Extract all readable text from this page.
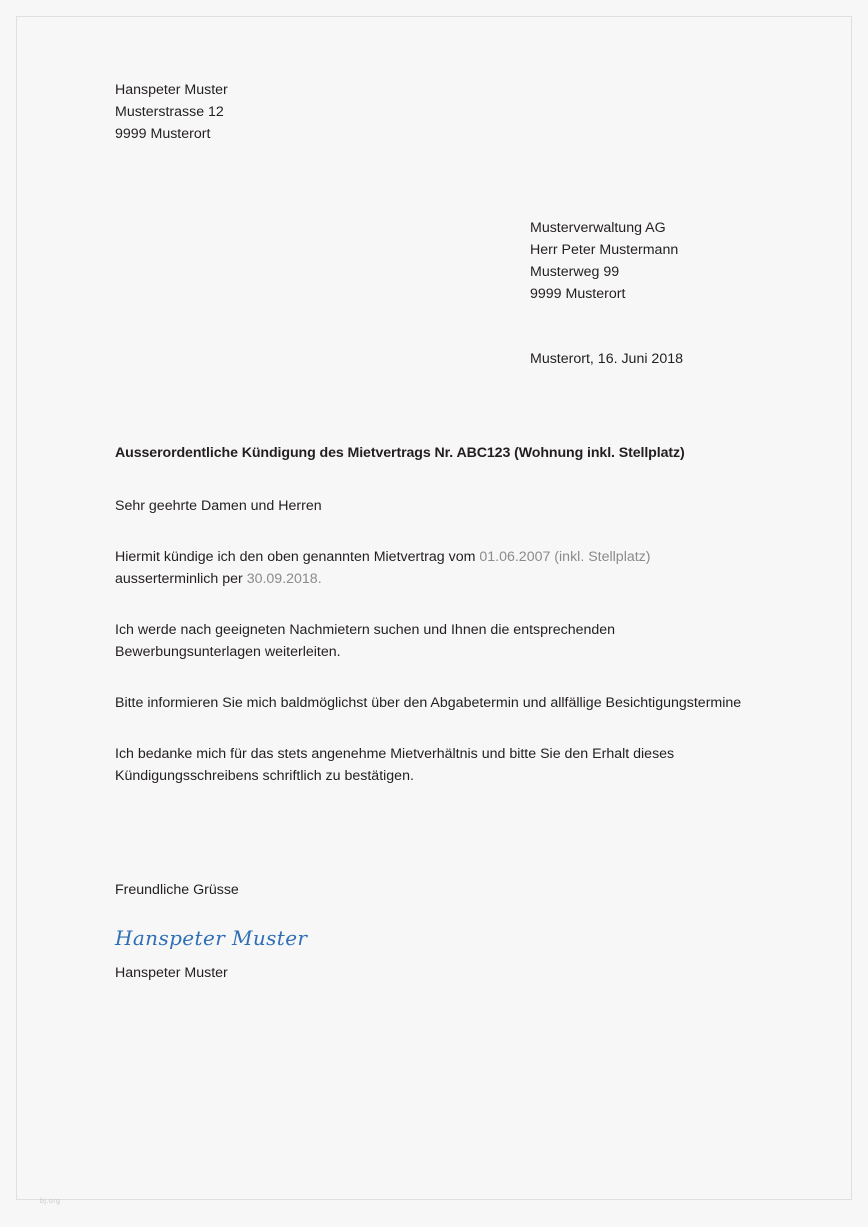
Hanspeter Muster
Musterstrasse 12
9999 Musterort
Musterverwaltung AG
Herr Peter Mustermann
Musterweg 99
9999 Musterort
Musterort, 16. Juni 2018
Ausserordentliche Kündigung des Mietvertrags Nr. ABC123 (Wohnung inkl. Stellplatz)
Sehr geehrte Damen und Herren
Hiermit kündige ich den oben genannten Mietvertrag vom 01.06.2007 (inkl. Stellplatz)
ausserterminlich per 30.09.2018.
Ich werde nach geeigneten Nachmietern suchen und Ihnen die entsprechenden Bewerbungsunterlagen weiterleiten.
Bitte informieren Sie mich baldmöglichst über den Abgabetermin und allfällige Besichtigungstermine
Ich bedanke mich für das stets angenehme Mietverhältnis und bitte Sie den Erhalt dieses Kündigungsschreibens schriftlich zu bestätigen.
Freundliche Grüsse
Hanspeter Muster
Hanspeter Muster
bj.org
